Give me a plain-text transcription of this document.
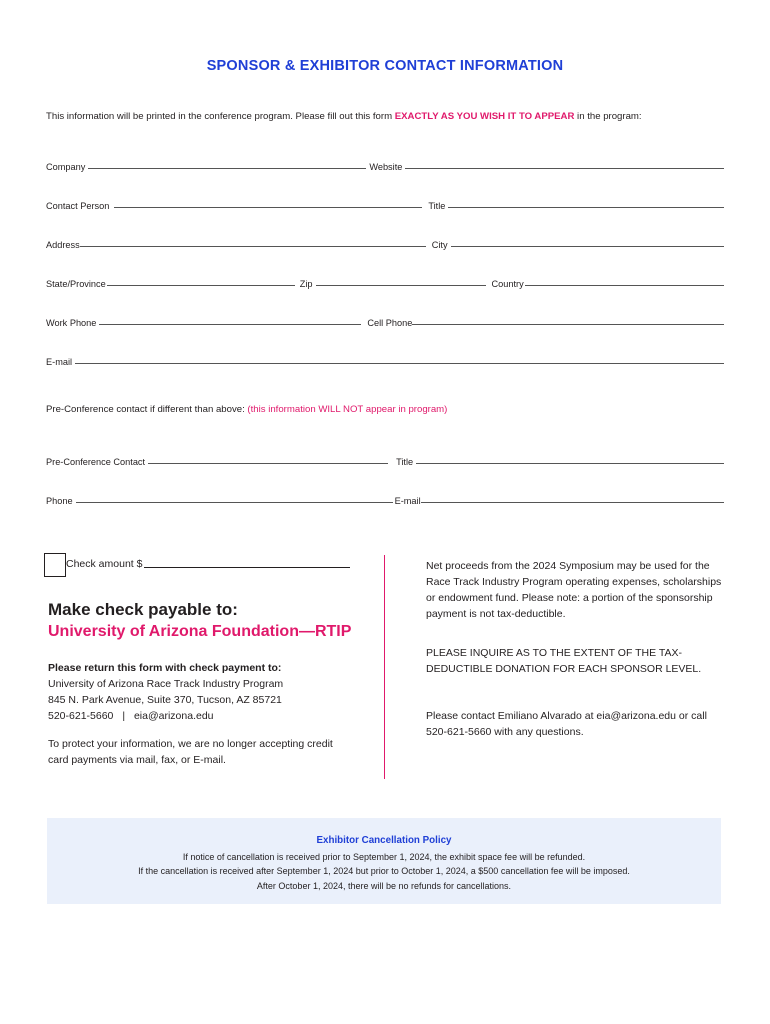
SPONSOR & EXHIBITOR CONTACT INFORMATION
This information will be printed in the conference program. Please fill out this form EXACTLY AS YOU WISH IT TO APPEAR in the program:
Company	Website
Contact Person	Title
Address	City
State/Province	Zip	Country
Work Phone	Cell Phone
E-mail
Pre-Conference contact if different than above: (this information WILL NOT appear in program)
Pre-Conference Contact	Title
Phone	E-mail
Check amount $
Make check payable to:
University of Arizona Foundation—RTIP
Please return this form with check payment to:
University of Arizona Race Track Industry Program
845 N. Park Avenue, Suite 370, Tucson, AZ 85721
520-621-5660 | eia@arizona.edu
To protect your information, we are no longer accepting credit card payments via mail, fax, or E-mail.
Net proceeds from the 2024 Symposium may be used for the Race Track Industry Program operating expenses, scholarships or endowment fund. Please note: a portion of the sponsorship payment is not tax-deductible.
PLEASE INQUIRE AS TO THE EXTENT OF THE TAX-DEDUCTIBLE DONATION FOR EACH SPONSOR LEVEL.
Please contact Emiliano Alvarado at eia@arizona.edu or call 520-621-5660 with any questions.
Exhibitor Cancellation Policy
If notice of cancellation is received prior to September 1, 2024, the exhibit space fee will be refunded.
If the cancellation is received after September 1, 2024 but prior to October 1, 2024, a $500 cancellation fee will be imposed.
After October 1, 2024, there will be no refunds for cancellations.
